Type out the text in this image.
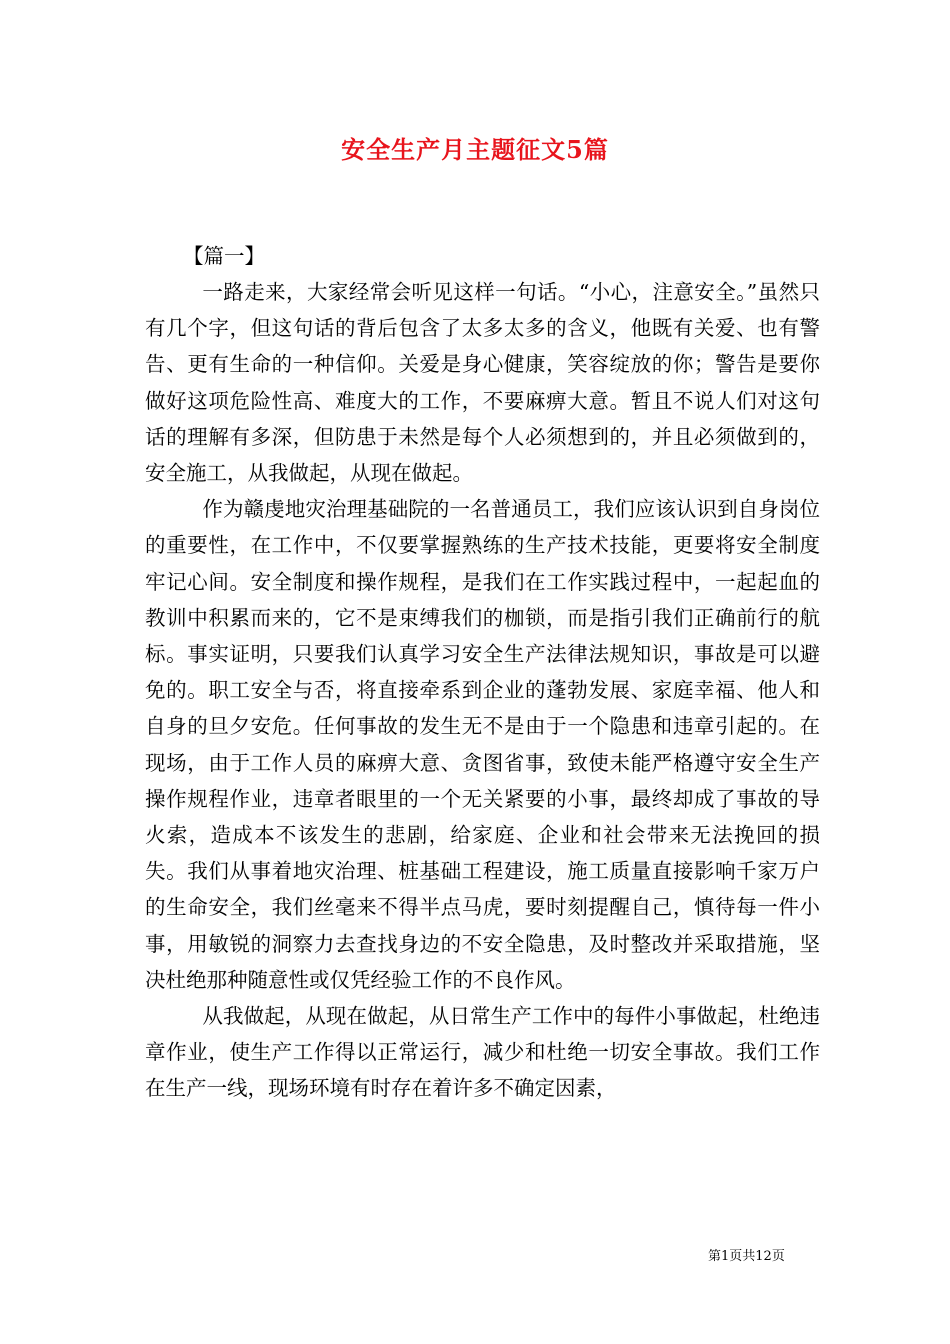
安全生产月主题征文5篇
【篇一】

一路走来，大家经常会听见这样一句话。“小心，注意安全。”虽然只有几个字，但这句话的背后包含了太多太多的含义，他既有关爱、也有警告、更有生命的一种信仰。关爱是身心健康，笑容绽放的你；警告是要你做好这项危险性高、难度大的工作，不要麻痹大意。暂且不说人们对这句话的理解有多深，但防患于未然是每个人必须想到的，并且必须做到的，安全施工，从我做起，从现在做起。

作为赣虔地灾治理基础院的一名普通员工，我们应该认识到自身岗位的重要性，在工作中，不仅要掌握熟练的生产技术技能，更要将安全制度牢记心间。安全制度和操作规程，是我们在工作实践过程中，一起起血的教训中积累而来的，它不是束缚我们的枷锁，而是指引我们正确前行的航标。事实证明，只要我们认真学习安全生产法律法规知识，事故是可以避免的。职工安全与否，将直接牵系到企业的蓬勃发展、家庭幸福、他人和自身的旦夕安危。任何事故的发生无不是由于一个隐患和违章引起的。在现场，由于工作人员的麻痹大意、贪图省事，致使未能严格遵守安全生产操作规程作业，违章者眼里的一个无关紧要的小事，最终却成了事故的导火索，造成本不该发生的悲剧，给家庭、企业和社会带来无法挽回的损失。我们从事着地灾治理、桩基础工程建设，施工质量直接影响千家万户的生命安全，我们丝毫来不得半点马虎，要时刻提醒自己，慎待每一件小事，用敏锐的洞察力去查找身边的不安全隐患，及时整改并采取措施，坚决杜绝那种随意性或仅凭经验工作的不良作风。

从我做起，从现在做起，从日常生产工作中的每件小事做起，杜绝违章作业，使生产工作得以正常运行，减少和杜绝一切安全事故。我们工作在生产一线，现场环境有时存在着许多不确定因素，

第1页共12页
